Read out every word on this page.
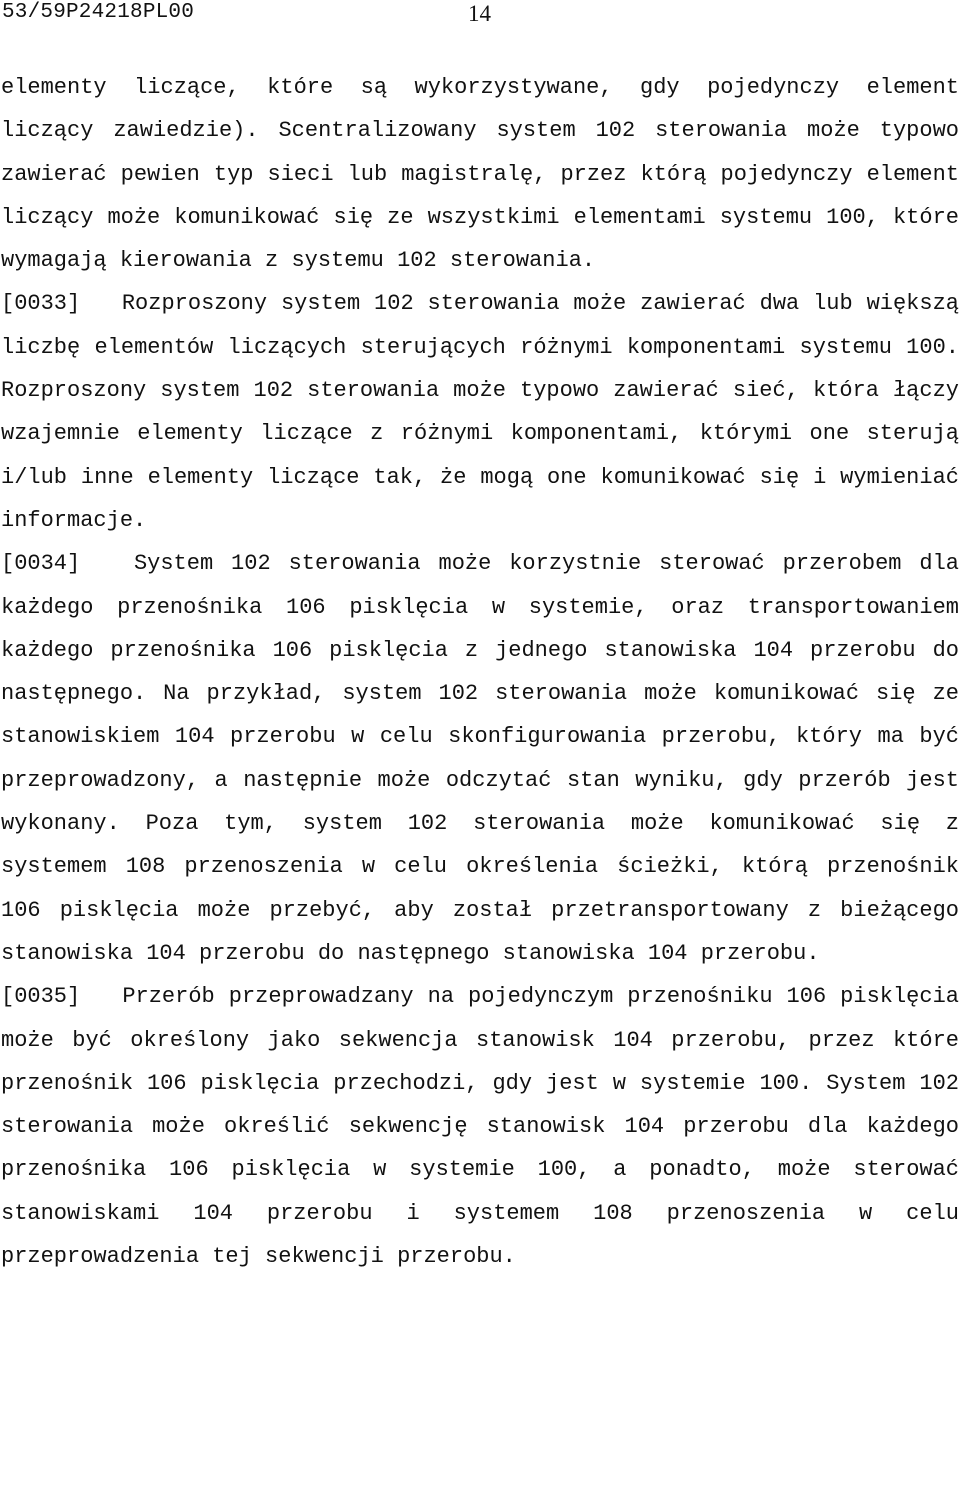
53/59P24218PL00	14

elementy liczące, które są wykorzystywane, gdy pojedynczy element liczący zawiedzie). Scentralizowany system 102 sterowania może typowo zawierać pewien typ sieci lub magistralę, przez którą pojedynczy element liczący może komunikować się ze wszystkimi elementami systemu 100, które wymagają kierowania z systemu 102 sterowania.

[0033] Rozproszony system 102 sterowania może zawierać dwa lub większą liczbę elementów liczących sterujących różnymi komponentami systemu 100. Rozproszony system 102 sterowania może typowo zawierać sieć, która łączy wzajemnie elementy liczące z różnymi komponentami, którymi one sterują i/lub inne elementy liczące tak, że mogą one komunikować się i wymieniać informacje.

[0034] System 102 sterowania może korzystnie sterować przerobem dla każdego przenośnika 106 pisklęcia w systemie, oraz transportowaniem każdego przenośnika 106 pisklęcia z jednego stanowiska 104 przerobu do następnego. Na przykład, system 102 sterowania może komunikować się ze stanowiskiem 104 przerobu w celu skonfigurowania przerobu, który ma być przeprowadzony, a następnie może odczytać stan wyniku, gdy przerób jest wykonany. Poza tym, system 102 sterowania może komunikować się z systemem 108 przenoszenia w celu określenia ścieżki, którą przenośnik 106 pisklęcia może przebyć, aby został przetransportowany z bieżącego stanowiska 104 przerobu do następnego stanowiska 104 przerobu.

[0035] Przerób przeprowadzany na pojedynczym przenośniku 106 pisklęcia może być określony jako sekwencja stanowisk 104 przerobu, przez które przenośnik 106 pisklęcia przechodzi, gdy jest w systemie 100. System 102 sterowania może określić sekwencję stanowisk 104 przerobu dla każdego przenośnika 106 pisklęcia w systemie 100, a ponadto, może sterować stanowiskami 104 przerobu i systemem 108 przenoszenia w celu przeprowadzenia tej sekwencji przerobu.
